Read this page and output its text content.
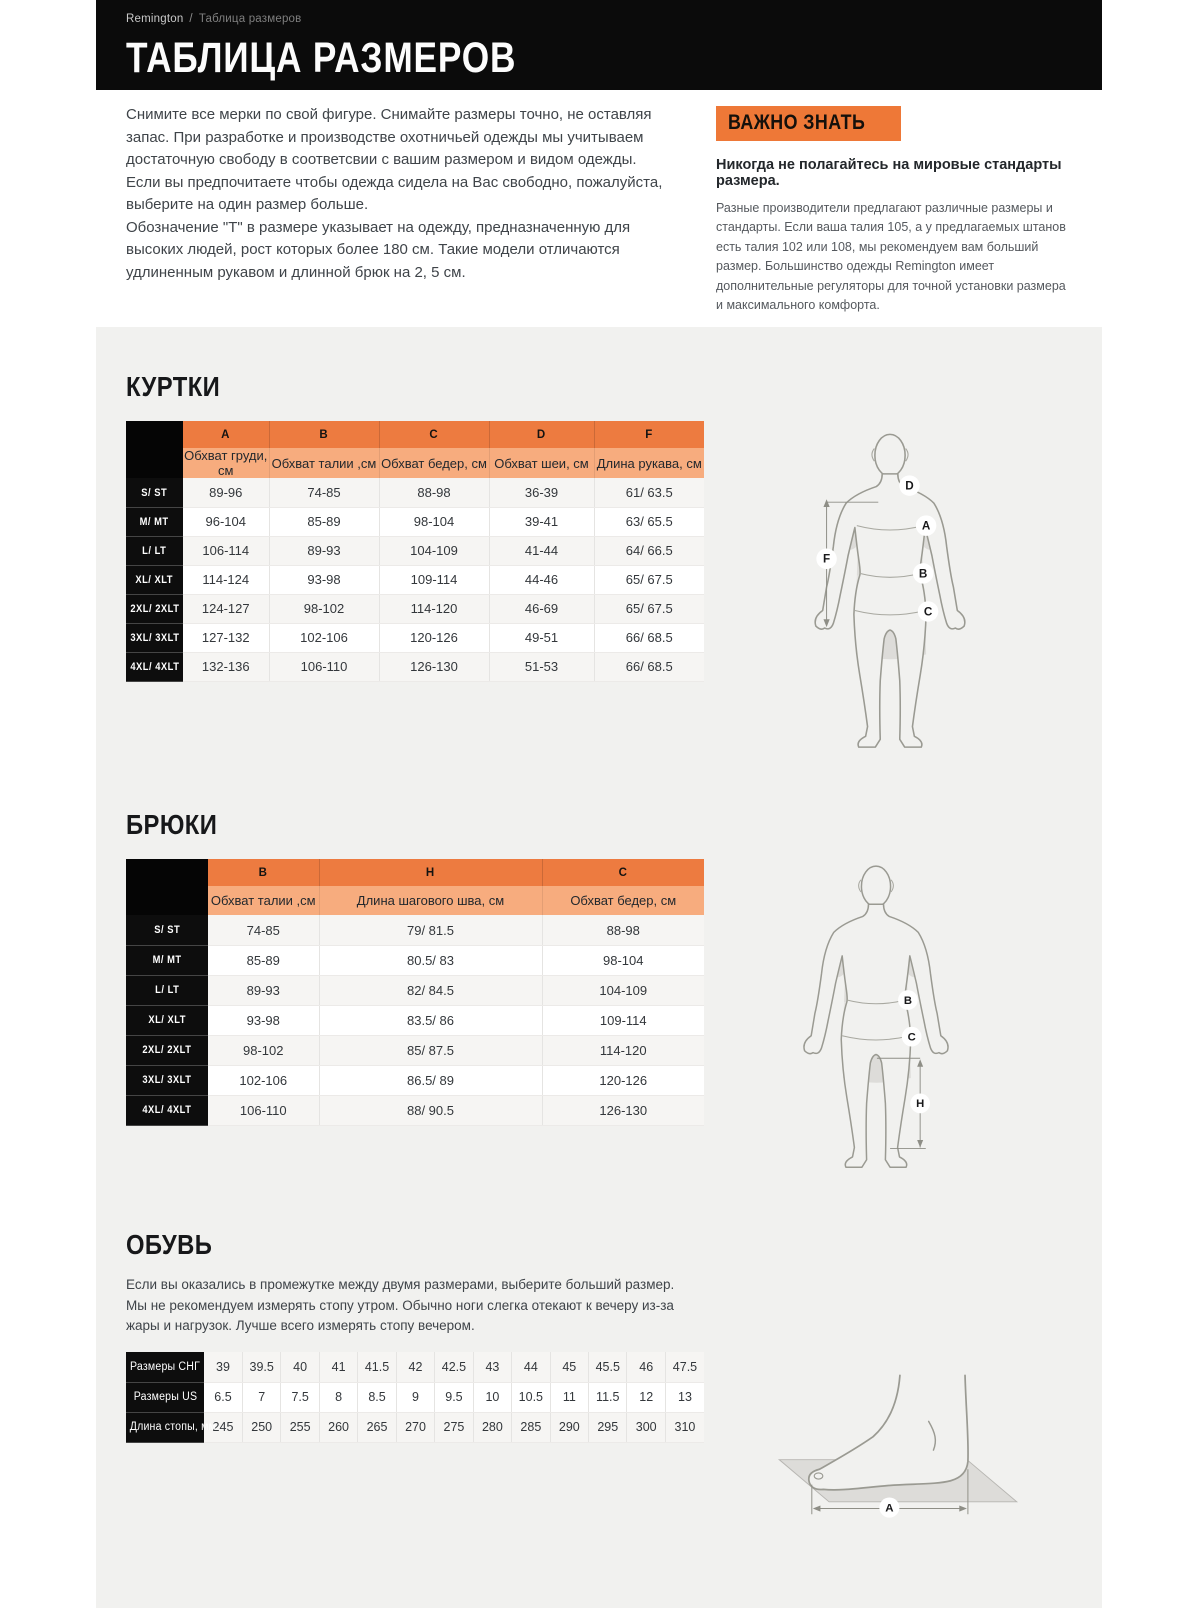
Remington / Таблица размеров
ТАБЛИЦА РАЗМЕРОВ

Снимите все мерки по свой фигуре. Снимайте размеры точно, не оставляя запас. При разработке и производстве охотничьей одежды мы учитываем достаточную свободу в соответсвии с вашим размером и видом одежды. Если вы предпочитаете чтобы одежда сидела на Вас свободно, пожалуйста, выберите на один размер больше.

Обозначение "Т" в размере указывает на одежду, предназначенную для высоких людей, рост которых более 180 см. Такие модели отличаются удлиненным рукавом и длинной брюк на 2, 5 см.

ВАЖНО ЗНАТЬ

Никогда не полагайтесь на мировые стандарты размера.

Разные производители предлагают различные размеры и стандарты. Если ваша талия 105, а у предлагаемых штанов есть талия 102 или 108, мы рекомендуем вам больший размер. Большинство одежды Remington имеет дополнительные регуляторы для точной установки размера и максимального комфорта.

КУРТКИ
	A	B	C	D	F
	Обхват груди, см	Обхват талии ,см	Обхват бедер, см	Обхват шеи, см	Длина рукава, см
S/ ST	89-96	74-85	88-98	36-39	61/ 63.5
M/ MT	96-104	85-89	98-104	39-41	63/ 65.5
L/ LT	106-114	89-93	104-109	41-44	64/ 66.5
XL/ XLT	114-124	93-98	109-114	44-46	65/ 67.5
2XL/ 2XLT	124-127	98-102	114-120	46-69	65/ 67.5
3XL/ 3XLT	127-132	102-106	120-126	49-51	66/ 68.5
4XL/ 4XLT	132-136	106-110	126-130	51-53	66/ 68.5
D
A
B
C
F
БРЮКИ
	B	H	C
	Обхват талии ,см	Длина шагового шва, см	Обхват бедер, см
S/ ST	74-85	79/ 81.5	88-98
M/ MT	85-89	80.5/ 83	98-104
L/ LT	89-93	82/ 84.5	104-109
XL/ XLT	93-98	83.5/ 86	109-114
2XL/ 2XLT	98-102	85/ 87.5	114-120
3XL/ 3XLT	102-106	86.5/ 89	120-126
4XL/ 4XLT	106-110	88/ 90.5	126-130
B
C
H
ОБУВЬ

Если вы оказались в промежутке между двумя размерами, выберите больший размер. Мы не рекомендуем измерять стопу утром. Обычно ноги слегка отекают к вечеру из-за жары и нагрузок. Лучше всего измерять стопу вечером.

Размеры СНГ	39	39.5	40	41	41.5	42	42.5	43	44	45	45.5	46	47.5
Размеры US	6.5	7	7.5	8	8.5	9	9.5	10	10.5	11	11.5	12	13
Длина стопы, мм	245	250	255	260	265	270	275	280	285	290	295	300	310
A
